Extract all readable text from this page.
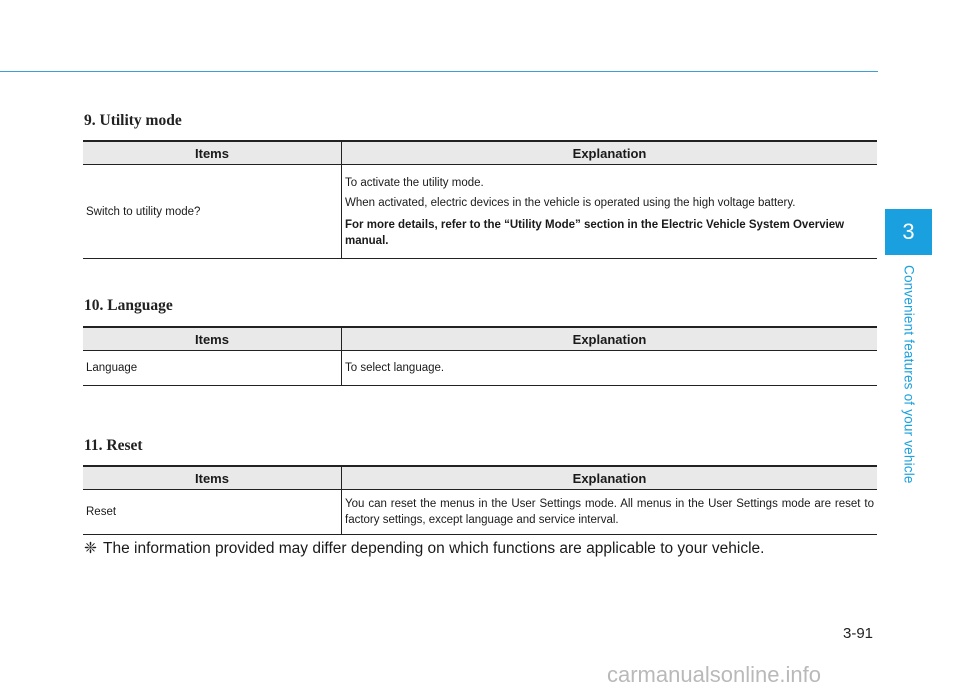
9. Utility mode
Items	Explanation
Switch to utility mode?	To activate the utility mode.

When activated, electric devices in the vehicle is operated using the high voltage battery.

For more details, refer to the “Utility Mode” section in the Electric Vehicle System Overview manual.

10. Language
Items	Explanation
Language	To select language.
11. Reset
Items	Explanation
Reset	You can reset the menus in the User Settings mode. All menus in the User Settings mode are reset to factory settings, except language and service interval.

❈ The information provided may differ depending on which functions are applicable to your vehicle.

3
Convenient features of your vehicle

3-91

carmanualsonline.info
